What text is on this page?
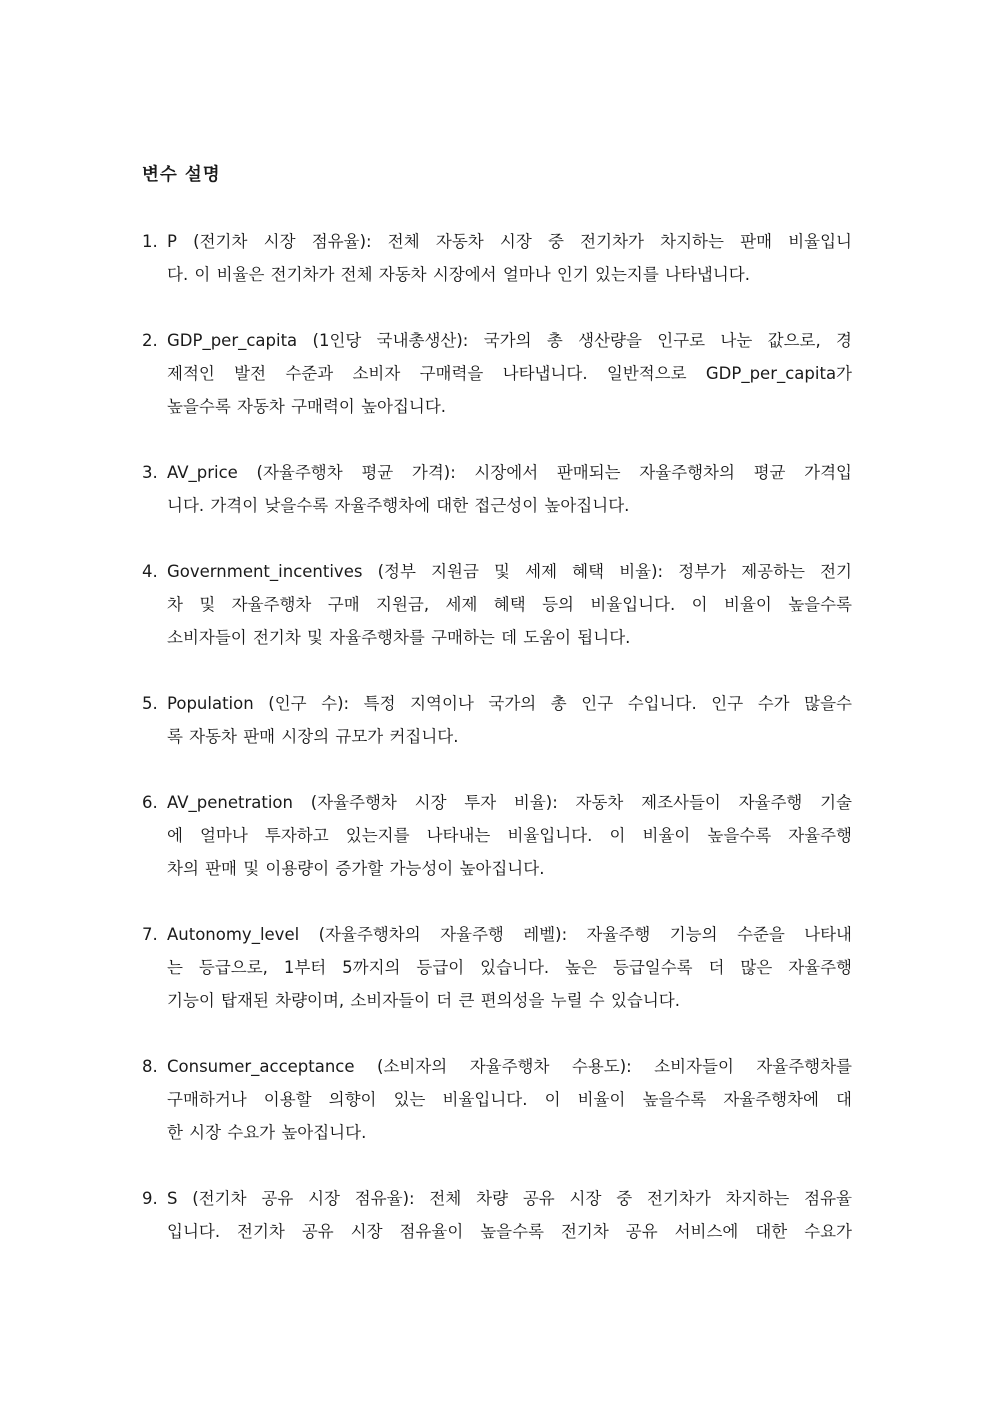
변수 설명
1. P (전기차 시장 점유율): 전체 자동차 시장 중 전기차가 차지하는 판매 비율입니
다. 이 비율은 전기차가 전체 자동차 시장에서 얼마나 인기 있는지를 나타냅니다.
2. GDP_per_capita (1인당 국내총생산): 국가의 총 생산량을 인구로 나눈 값으로, 경
제적인 발전 수준과 소비자 구매력을 나타냅니다. 일반적으로 GDP_per_capita가
높을수록 자동차 구매력이 높아집니다.
3. AV_price (자율주행차 평균 가격): 시장에서 판매되는 자율주행차의 평균 가격입
니다. 가격이 낮을수록 자율주행차에 대한 접근성이 높아집니다.
4. Government_incentives (정부 지원금 및 세제 혜택 비율): 정부가 제공하는 전기
차 및 자율주행차 구매 지원금, 세제 혜택 등의 비율입니다. 이 비율이 높을수록
소비자들이 전기차 및 자율주행차를 구매하는 데 도움이 됩니다.
5. Population (인구 수): 특정 지역이나 국가의 총 인구 수입니다. 인구 수가 많을수
록 자동차 판매 시장의 규모가 커집니다.
6. AV_penetration (자율주행차 시장 투자 비율): 자동차 제조사들이 자율주행 기술
에 얼마나 투자하고 있는지를 나타내는 비율입니다. 이 비율이 높을수록 자율주행
차의 판매 및 이용량이 증가할 가능성이 높아집니다.
7. Autonomy_level (자율주행차의 자율주행 레벨): 자율주행 기능의 수준을 나타내
는 등급으로, 1부터 5까지의 등급이 있습니다. 높은 등급일수록 더 많은 자율주행
기능이 탑재된 차량이며, 소비자들이 더 큰 편의성을 누릴 수 있습니다.
8. Consumer_acceptance (소비자의 자율주행차 수용도): 소비자들이 자율주행차를
구매하거나 이용할 의향이 있는 비율입니다. 이 비율이 높을수록 자율주행차에 대
한 시장 수요가 높아집니다.
9. S (전기차 공유 시장 점유율): 전체 차량 공유 시장 중 전기차가 차지하는 점유율
입니다. 전기차 공유 시장 점유율이 높을수록 전기차 공유 서비스에 대한 수요가
